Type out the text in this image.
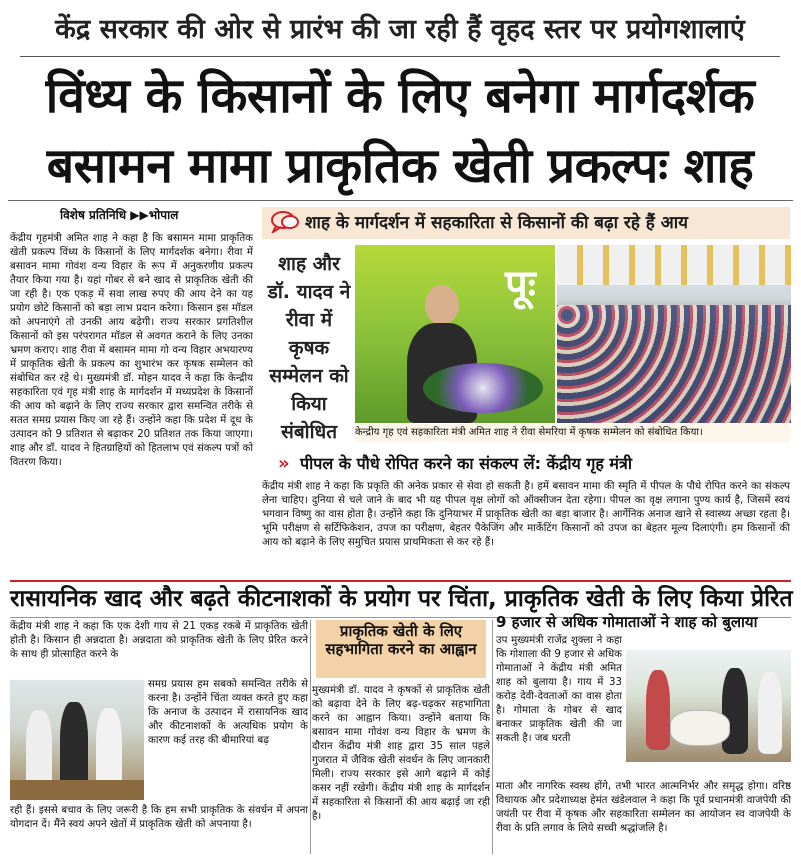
केंद्र सरकार की ओर से प्रारंभ की जा रही हैं वृहद स्तर पर प्रयोगशालाएं
विंध्य के किसानों के लिए बनेगा मार्गदर्शक
बसामन मामा प्राकृतिक खेती प्रकल्पः शाह
विशेष प्रतिनिधि ▶▶भोपाल
केंद्रीय गृहमंत्री अमित शाह ने कहा है कि बसामन मामा प्राकृतिक खेती प्रकल्प विंध्य के किसानों के लिए मार्गदर्शक बनेगा। रीवा में बसावन मामा गोवंश वन्य विहार के रूप में अनुकरणीय प्रकल्प तैयार किया गया है। यहां गोबर से बने खाद से प्राकृतिक खेती की जा रही है। एक एकड़ में सवा लाख रुपए की आय देने का यह प्रयोग छोटे किसानों को बड़ा लाभ प्रदान करेगा। किसान इस मॉडल को अपनाएंगे तो उनकी आय बढ़ेगी। राज्य सरकार प्रगतिशील किसानों को इस परंपरागत मॉडल से अवगत कराने के लिए उनका भ्रमण कराए। शाह रीवा में बसामन मामा गो वन्य विहार अभयारण्य में प्राकृतिक खेती के प्रकल्प का शुभारंभ कर कृषक सम्मेलन को संबोधित कर रहे थे। मुख्यमंत्री डॉ. मोहन यादव ने कहा कि केन्द्रीय सहकारिता एवं गृह मंत्री शाह के मार्गदर्शन में मध्यप्रदेश के किसानों की आय को बढ़ाने के लिए राज्य सरकार द्वारा समन्वित तरीके से सतत समग्र प्रयास किए जा रहे हैं। उन्होंने कहा कि प्रदेश में दूध के उत्पादन को 9 प्रतिशत से बढ़ाकर 20 प्रतिशत तक किया जाएगा। शाह और डॉ. यादव ने हितग्राहियों को हितलाभ एवं संकल्प पत्रों को वितरण किया।
शाह के मार्गदर्शन में सहकारिता से किसानों की बढ़ा रहे हैं आय
शाह और डॉ. यादव ने रीवा में कृषक सम्मेलन को किया संबोधित
पूः
केन्द्रीय गृह एवं सहकारिता मंत्री अमित शाह ने रीवा सेमरिया में कृषक सम्मेलन को संबोधित किया।
» पीपल के पौधे रोपित करने का संकल्प लें: केंद्रीय गृह मंत्री
केंद्रीय मंत्री शाह ने कहा कि प्रकृति की अनेक प्रकार से सेवा हो सकती है। हमें बसावन मामा की स्मृति में पीपल के पौधे रोपित करने का संकल्प लेना चाहिए। दुनिया से चले जाने के बाद भी यह पीपल वृक्ष लोगों को ऑक्सीजन देता रहेगा। पीपल का वृक्ष लगाना पुण्य कार्य है, जिसमें स्वयं भगवान विष्णु का वास होता है। उन्होंने कहा कि दुनियाभर में प्राकृतिक खेती का बड़ा बाजार है। आर्गेनिक अनाज खाने से स्वास्थ्य अच्छा रहता है। भूमि परीक्षण से सर्टिफिकेशन, उपज का परीक्षण, बेहतर पैकेजिंग और मार्केटिंग किसानों को उपज का बेहतर मूल्य दिलाएंगी। हम किसानों की आय को बढ़ाने के लिए समुचित प्रयास प्राथमिकता से कर रहे हैं।
रासायनिक खाद और बढ़ते कीटनाशकों के प्रयोग पर चिंता, प्राकृतिक खेती के लिए किया प्रेरित
केंद्रीय मंत्री शाह ने कहा कि एक देशी गाय से 21 एकड़ रकबे में प्राकृतिक खेती होती है। किसान ही अन्नदाता है। अन्नदाता को प्राकृतिक खेती के लिए प्रेरित करने के साथ ही प्रोत्साहित करने के
समग्र प्रयास हम सबको समन्वित तरीके से करना है। उन्होंने चिंता व्यक्त करते हुए कहा कि अनाज के उत्पादन में रासायनिक खाद और कीटनाशकों के अत्यधिक प्रयोग के कारण कई तरह की बीमारियां बढ़
रही हैं। इससे बचाव के लिए जरूरी है कि हम सभी प्राकृतिक के संवर्धन में अपना योगदान दें। मैंने स्वयं अपने खेतों में प्राकृतिक खेती को अपनाया है।
प्राकृतिक खेती के लिए सहभागिता करने का आह्वान
मुख्यमंत्री डॉ. यादव ने कृषकों से प्राकृतिक खेती को बढ़ावा देने के लिए बढ़-चढ़कर सहभागिता करने का आह्वान किया। उन्होंने बताया कि बसावन मामा गोवंश वन्य विहार के भ्रमण के दौरान केंद्रीय मंत्री शाह द्वारा 35 साल पहले गुजरात में जैविक खेती संवर्धन के लिए जानकारी मिली। राज्य सरकार इसे आगे बढ़ाने में कोई कसर नहीं रखेगी। केंद्रीय मंत्री शाह के मार्गदर्शन में सहकारिता से किसानों की आय बढ़ाई जा रही है।
9 हजार से अधिक गोमाताओं ने शाह को बुलाया
उप मुख्यमंत्री राजेंद्र शुक्ला ने कहा कि गोशाला की 9 हजार से अधिक गोमाताओं ने केंद्रीय मंत्री अमित शाह को बुलाया है। गाय में 33 करोड़ देवी-देवताओं का वास होता है। गोमाता के गोबर से खाद बनाकर प्राकृतिक खेती की जा सकती है। जब धरती
माता और नागरिक स्वस्थ होंगे, तभी भारत आत्मनिर्भर और समृद्ध होगा। वरिष्ठ विधायक और प्रदेशाध्यक्ष हेमंत खंडेलवाल ने कहा कि पूर्व प्रधानमंत्री वाजपेयी की जयंती पर रीवा में कृषक और सहकारिता सम्मेलन का आयोजन स्व वाजपेयी के रीवा के प्रति लगाव के लिये सच्ची श्रद्धांजलि है।
